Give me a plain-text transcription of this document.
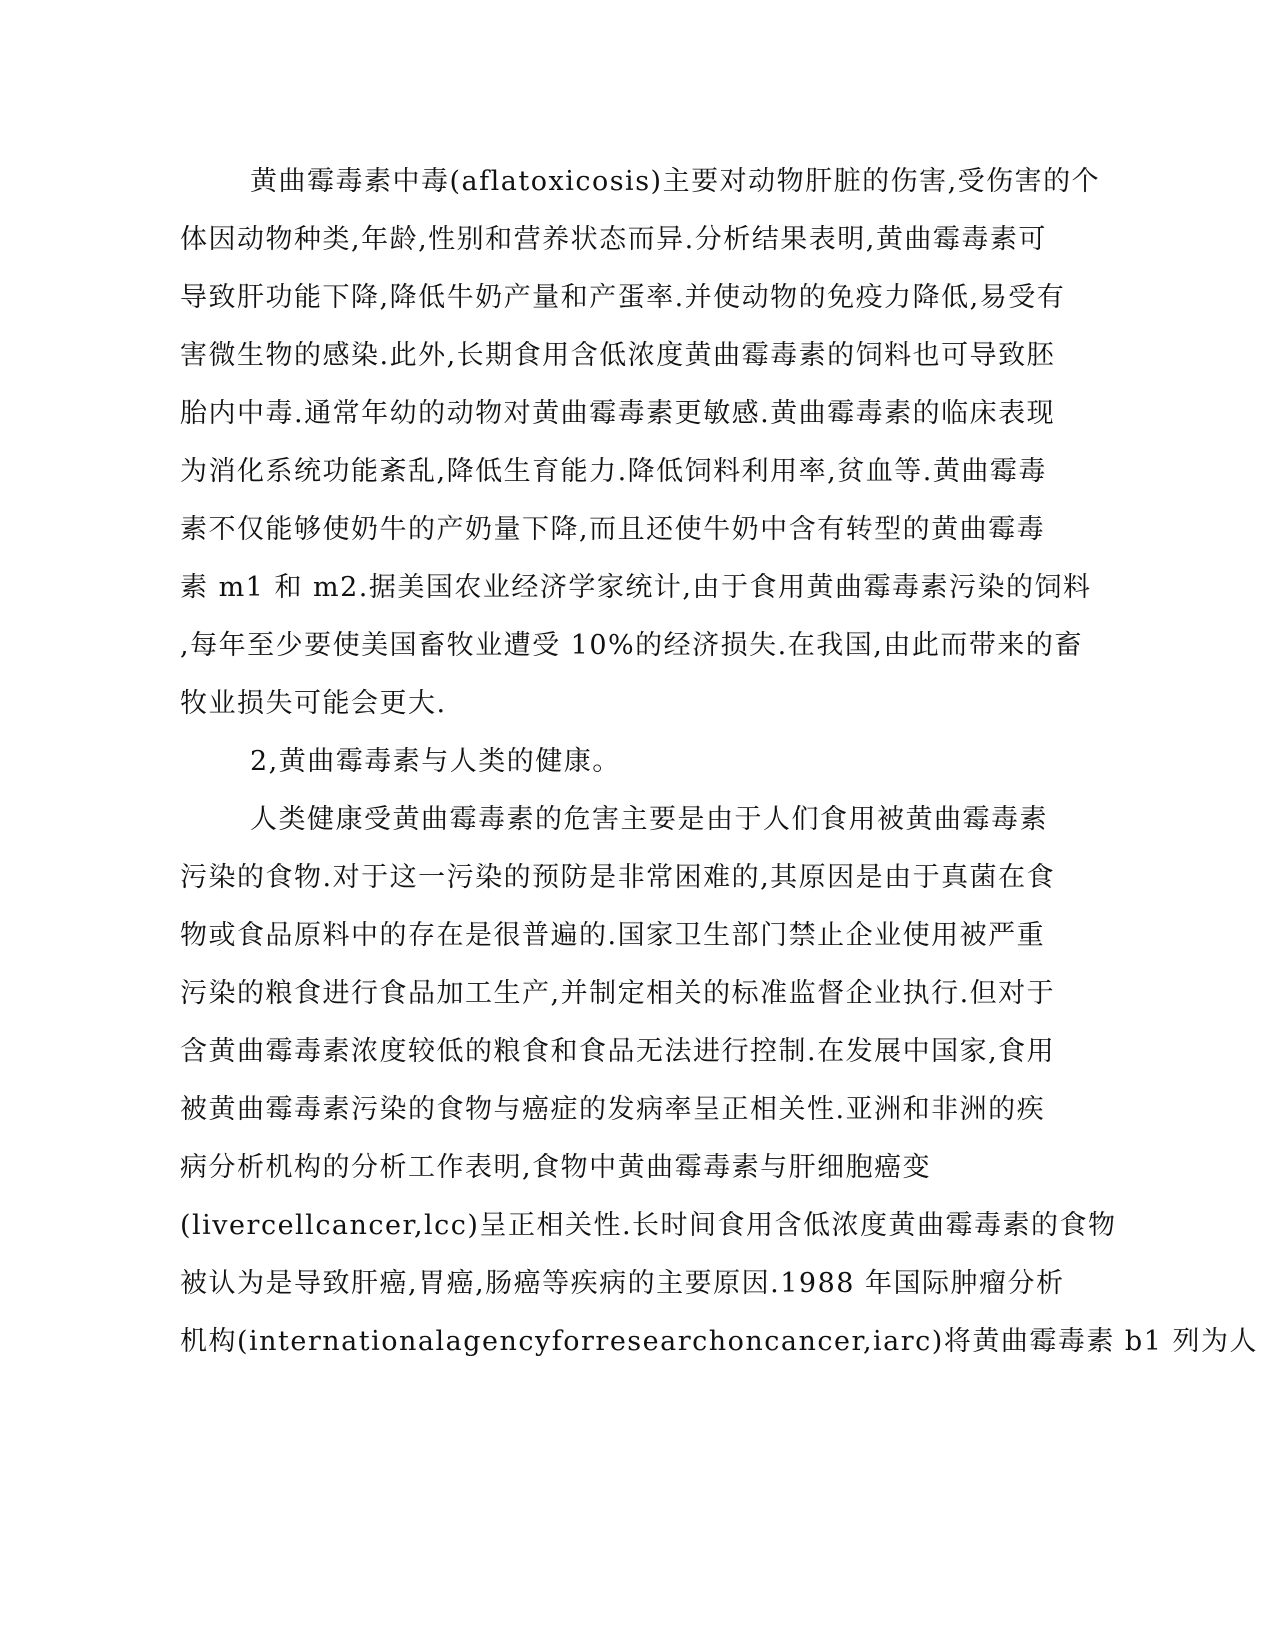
黄曲霉毒素中毒(aflatoxicosis)主要对动物肝脏的伤害,受伤害的个
体因动物种类,年龄,性别和营养状态而异.分析结果表明,黄曲霉毒素可
导致肝功能下降,降低牛奶产量和产蛋率.并使动物的免疫力降低,易受有
害微生物的感染.此外,长期食用含低浓度黄曲霉毒素的饲料也可导致胚
胎内中毒.通常年幼的动物对黄曲霉毒素更敏感.黄曲霉毒素的临床表现
为消化系统功能紊乱,降低生育能力.降低饲料利用率,贫血等.黄曲霉毒
素不仅能够使奶牛的产奶量下降,而且还使牛奶中含有转型的黄曲霉毒
素 m1 和 m2.据美国农业经济学家统计,由于食用黄曲霉毒素污染的饲料
,每年至少要使美国畜牧业遭受 10%的经济损失.在我国,由此而带来的畜
牧业损失可能会更大.
2,黄曲霉毒素与人类的健康。
人类健康受黄曲霉毒素的危害主要是由于人们食用被黄曲霉毒素
污染的食物.对于这一污染的预防是非常困难的,其原因是由于真菌在食
物或食品原料中的存在是很普遍的.国家卫生部门禁止企业使用被严重
污染的粮食进行食品加工生产,并制定相关的标准监督企业执行.但对于
含黄曲霉毒素浓度较低的粮食和食品无法进行控制.在发展中国家,食用
被黄曲霉毒素污染的食物与癌症的发病率呈正相关性.亚洲和非洲的疾
病分析机构的分析工作表明,食物中黄曲霉毒素与肝细胞癌变
(livercellcancer,lcc)呈正相关性.长时间食用含低浓度黄曲霉毒素的食物
被认为是导致肝癌,胃癌,肠癌等疾病的主要原因.1988 年国际肿瘤分析
机构(internationalagencyforresearchoncancer,iarc)将黄曲霉毒素 b1 列为人
